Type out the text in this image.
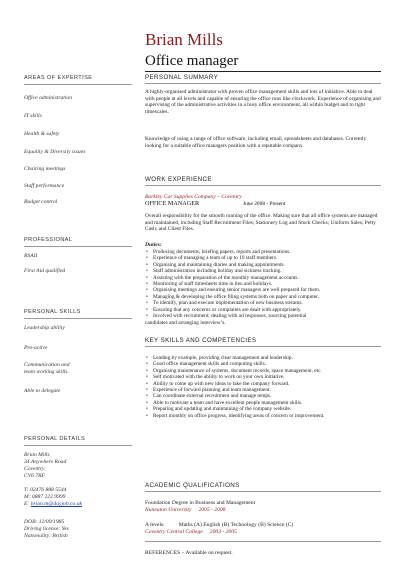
Brian Mills
Office manager
AREAS OF EXPERTISE
Office administration
IT skills
Health & safety
Equality & Diversity issues
Chairing meetings
Staff performance
Budget control
PROFESSIONAL
RSAII
First Aid qualified
PERSONAL SKILLS
Leadership ability
Pro-active
Communication and
team working skills.
Able to delegate
PERSONAL DETAILS
Brian Mills
34 Anywhere Road
Coventry
CV6 7RF
T: 02476 888 5544
M: 0887 222 9999
E: brian.m@dayjob.co.uk
DOB: 12/09/1985
Driving license: Yes
Nationality: British
PERSONAL SUMMARY
A highly-organised administrator with proven office management skills and lots of initiative. Able to deal with people at all levels and capable of ensuring the office runs like clockwork. Experience of organising and supervising of the administrative activities in a busy office environment, all within budget and to tight timescales.
Knowledge of using a range of office software, including email, spreadsheets and databases. Currently looking for a suitable office managers position with a reputable company.
WORK EXPERIENCE
Barkley Car Supplies Company – Coventry
OFFICE MANAGER	June 2008 - Present
Overall responsibility for the smooth running of the office. Making sure that all office systems are managed and maintained, including Staff Recruitment Files; Stationery Log and Stock Checks; Uniform Sales; Petty Cash; and Client Files.
Duties:
• Producing documents, briefing papers, reports and presentations.
• Experience of managing a team of up to 10 staff members.
• Organising and maintaining diaries and making appointments.
• Staff administration including holiday and sickness tracking.
• Assisting with the preparation of the monthly management accounts.
• Monitoring of staff timesheets time in lieu and holidays.
• Organising meetings and ensuring senior managers are well prepared for them.
• Managing & developing the office filing systems both on paper and computer.
• To identify, plan and execute implementation of new business streams.
• Ensuring that any concerns or complaints are dealt with appropriately.
• Involved with recruitment; dealing with ad responses, sourcing potential
candidates and arranging interview’s.
KEY SKILLS AND COMPETENCIES
• Leading by example, providing clear management and leadership.
• Good office management skills and computing skills.
• Organising maintenance of systems, document records, space management, etc.
• Self motivated with the ability to work on your own initiative.
• Ability to come up with new ideas to take the company forward.
• Experience of forward planning and team management.
• Can coordinate external recruitment and manage temps.
• Able to motivate a team and have excellent people management skills.
• Preparing and updating and maintaining of the company website.
• Report monthly on office progress, identifying areas of concern or improvement.
ACADEMIC QUALIFICATIONS
Foundation Degree in Business and Management
Nuneaton University     2005 - 2008
A levels:          Maths (A) English (B) Technology (B) Science (C)
Coventry Central College     2003 - 2005
REFERENCES – Available on request.
